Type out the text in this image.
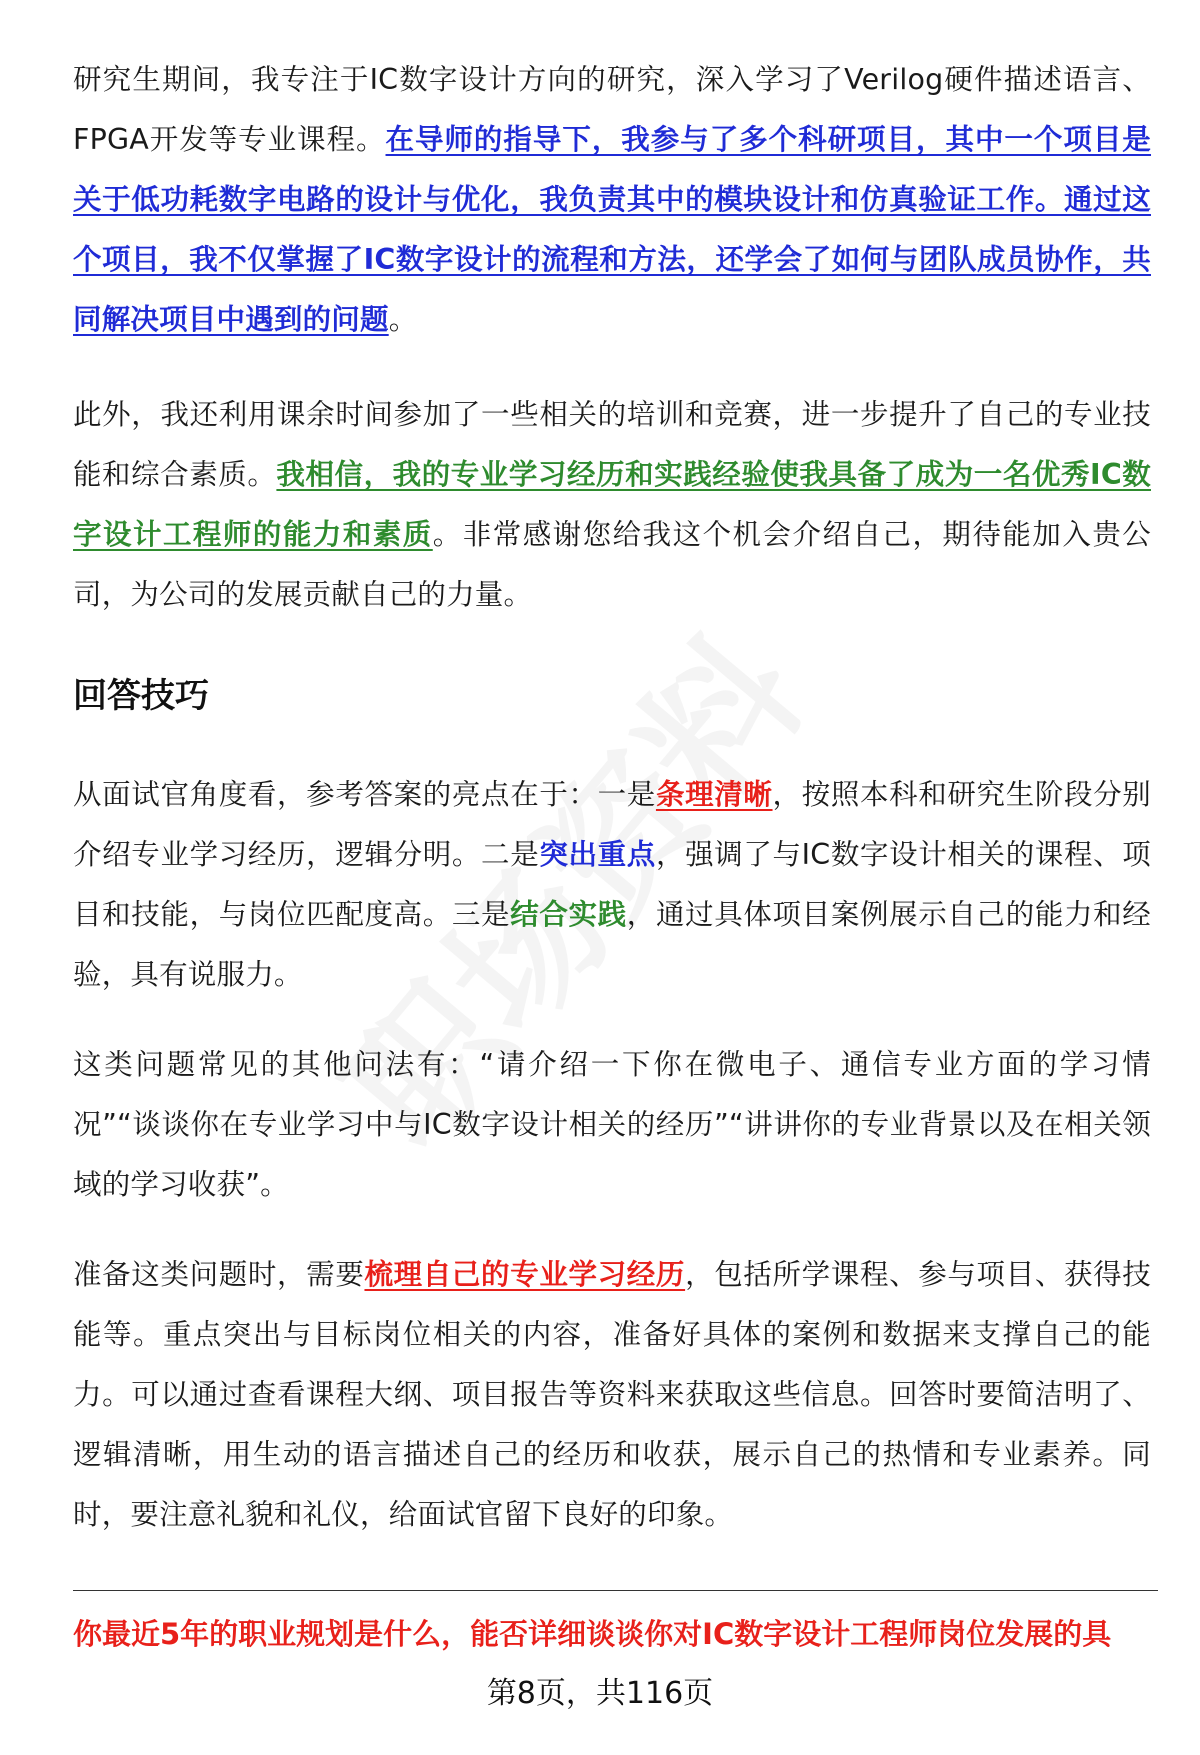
研究生期间，我专注于IC数字设计方向的研究，深入学习了Verilog硬件描述语言、FPGA开发等专业课程。在导师的指导下，我参与了多个科研项目，其中一个项目是关于低功耗数字电路的设计与优化，我负责其中的模块设计和仿真验证工作。通过这个项目，我不仅掌握了IC数字设计的流程和方法，还学会了如何与团队成员协作，共同解决项目中遇到的问题。

此外，我还利用课余时间参加了一些相关的培训和竞赛，进一步提升了自己的专业技能和综合素质。我相信，我的专业学习经历和实践经验使我具备了成为一名优秀IC数字设计工程师的能力和素质。非常感谢您给我这个机会介绍自己，期待能加入贵公司，为公司的发展贡献自己的力量。

回答技巧

从面试官角度看，参考答案的亮点在于：一是条理清晰，按照本科和研究生阶段分别介绍专业学习经历，逻辑分明。二是突出重点，强调了与IC数字设计相关的课程、项目和技能，与岗位匹配度高。三是结合实践，通过具体项目案例展示自己的能力和经验，具有说服力。

这类问题常见的其他问法有：“请介绍一下你在微电子、通信专业方面的学习情况”“谈谈你在专业学习中与IC数字设计相关的经历”“讲讲你的专业背景以及在相关领域的学习收获”。

准备这类问题时，需要梳理自己的专业学习经历，包括所学课程、参与项目、获得技能等。重点突出与目标岗位相关的内容，准备好具体的案例和数据来支撑自己的能力。可以通过查看课程大纲、项目报告等资料来获取这些信息。回答时要简洁明了、逻辑清晰，用生动的语言描述自己的经历和收获，展示自己的热情和专业素养。同时，要注意礼貌和礼仪，给面试官留下良好的印象。

你最近5年的职业规划是什么，能否详细谈谈你对IC数字设计工程师岗位发展的具

第8页，共116页
